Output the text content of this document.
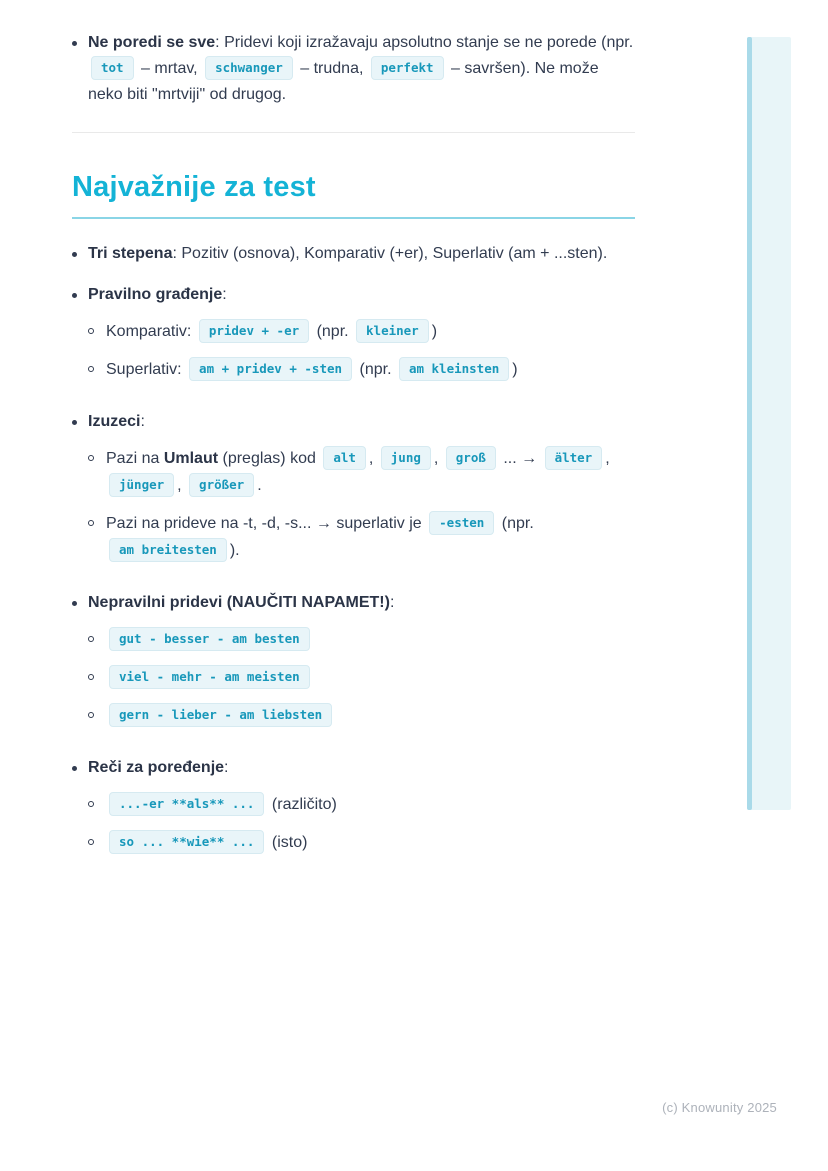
Ne poredi se sve: Pridevi koji izražavaju apsolutno stanje se ne porede (npr. tot – mrtav, schwanger – trudna, perfekt – savršen). Ne može neko biti "mrtviji" od drugog.
Najvažnije za test
Tri stepena: Pozitiv (osnova), Komparativ (+er), Superlativ (am + ...sten).
Pravilno građenje:
Komparativ: pridev + -er (npr. kleiner )
Superlativ: am + pridev + -sten (npr. am kleinsten )
Izuzeci:
Pazi na Umlaut (preglas) kod alt , jung , groß ... → älter , jünger , größer .
Pazi na prideve na -t, -d, -s... → superlativ je -esten (npr. am breitesten ).
Nepravilni pridevi (NAUČITI NAPAMET!):
gut - besser - am besten
viel - mehr - am meisten
gern - lieber - am liebsten
Reči za poređenje:
...-er **als** ... (različito)
so ... **wie** ... (isto)
(c) Knowunity 2025
